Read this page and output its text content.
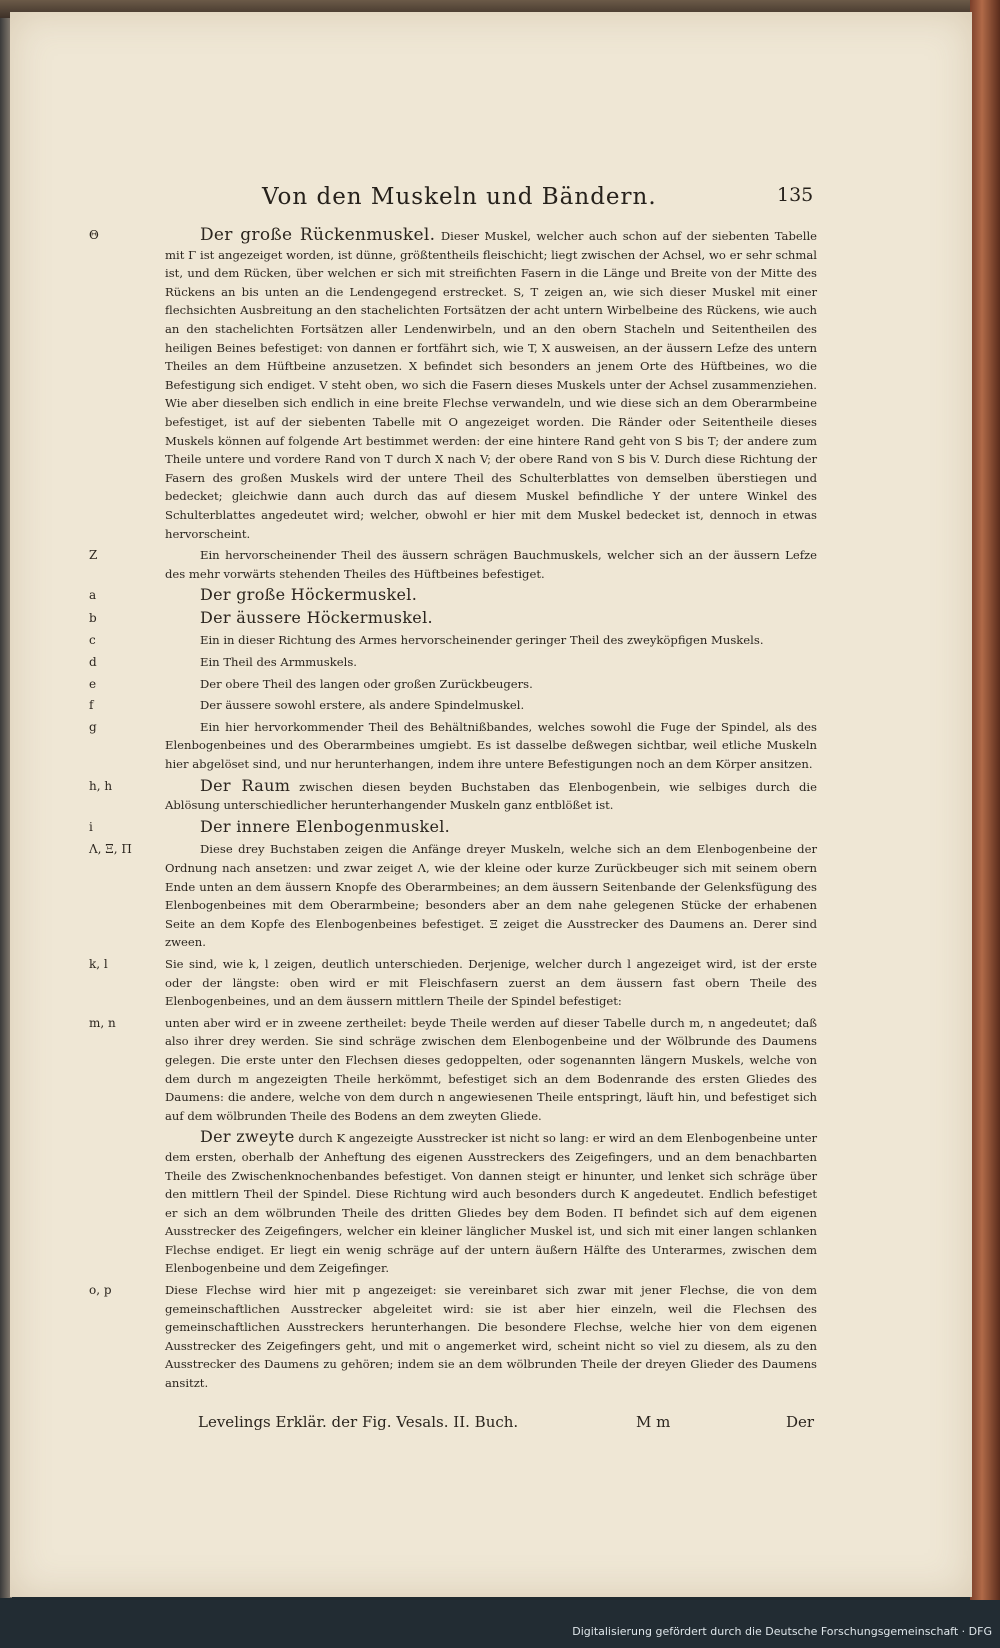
Von den Muskeln und Bändern.	135
Θ	Der große Rückenmuskel. Dieser Muskel, welcher auch schon auf der siebenten Tabelle mit Γ ist angezeiget worden, ist dünne, größtentheils fleischicht; liegt zwischen der Achsel, wo er sehr schmal ist, und dem Rücken, über welchen er sich mit streifichten Fasern in die Länge und Breite von der Mitte des Rückens an bis unten an die Lendengegend erstrecket. S, T zeigen an, wie sich dieser Muskel mit einer flechsichten Ausbreitung an den stachelichten Fortsätzen der acht untern Wirbelbeine des Rückens, wie auch an den stachelichten Fortsätzen aller Lendenwirbeln, und an den obern Stacheln und Seitentheilen des heiligen Beines befestiget: von dannen er fortfährt sich, wie T, X ausweisen, an der äussern Lefze des untern Theiles an dem Hüftbeine anzusetzen. X befindet sich besonders an jenem Orte des Hüftbeines, wo die Befestigung sich endiget. V steht oben, wo sich die Fasern dieses Muskels unter der Achsel zusammenziehen. Wie aber dieselben sich endlich in eine breite Flechse verwandeln, und wie diese sich an dem Oberarmbeine befestiget, ist auf der siebenten Tabelle mit O angezeiget worden. Die Ränder oder Seitentheile dieses Muskels können auf folgende Art bestimmet werden: der eine hintere Rand geht von S bis T; der andere zum Theile untere und vordere Rand von T durch X nach V; der obere Rand von S bis V. Durch diese Richtung der Fasern des großen Muskels wird der untere Theil des Schulterblattes von demselben überstiegen und bedecket; gleichwie dann auch durch das auf diesem Muskel befindliche Y der untere Winkel des Schulterblattes angedeutet wird; welcher, obwohl er hier mit dem Muskel bedecket ist, dennoch in etwas hervorscheint.
Z	Ein hervorscheinender Theil des äussern schrägen Bauchmuskels, welcher sich an der äussern Lefze des mehr vorwärts stehenden Theiles des Hüftbeines befestiget.
a	Der große Höckermuskel.
b	Der äussere Höckermuskel.
c	Ein in dieser Richtung des Armes hervorscheinender geringer Theil des zweyköpfigen Muskels.
d	Ein Theil des Armmuskels.
e	Der obere Theil des langen oder großen Zurückbeugers.
f	Der äussere sowohl erstere, als andere Spindelmuskel.
g	Ein hier hervorkommender Theil des Behältnißbandes, welches sowohl die Fuge der Spindel, als des Elenbogenbeines und des Oberarmbeines umgiebt. Es ist dasselbe deßwegen sichtbar, weil etliche Muskeln hier abgelöset sind, und nur herunterhangen, indem ihre untere Befestigungen noch an dem Körper ansitzen.
h, h	Der Raum zwischen diesen beyden Buchstaben das Elenbogenbein, wie selbiges durch die Ablösung unterschiedlicher herunterhangender Muskeln ganz entblößet ist.
i	Der innere Elenbogenmuskel.
Λ, Ξ, Π	Diese drey Buchstaben zeigen die Anfänge dreyer Muskeln, welche sich an dem Elenbogenbeine der Ordnung nach ansetzen: und zwar zeiget Λ, wie der kleine oder kurze Zurückbeuger sich mit seinem obern Ende unten an dem äussern Knopfe des Oberarmbeines; an dem äussern Seitenbande der Gelenksfügung des Elenbogenbeines mit dem Oberarmbeine; besonders aber an dem nahe gelegenen Stücke der erhabenen Seite an dem Kopfe des Elenbogenbeines befestiget. Ξ zeiget die Ausstrecker des Daumens an. Derer sind zween.
k, l	Sie sind, wie k, l zeigen, deutlich unterschieden. Derjenige, welcher durch l angezeiget wird, ist der erste oder der längste: oben wird er mit Fleischfasern zuerst an dem äussern fast obern Theile des Elenbogenbeines, und an dem äussern mittlern Theile der Spindel befestiget:
m, n	unten aber wird er in zweene zertheilet: beyde Theile werden auf dieser Tabelle durch m, n angedeutet; daß also ihrer drey werden. Sie sind schräge zwischen dem Elenbogenbeine und der Wölbrunde des Daumens gelegen. Die erste unter den Flechsen dieses gedoppelten, oder sogenannten längern Muskels, welche von dem durch m angezeigten Theile herkömmt, befestiget sich an dem Bodenrande des ersten Gliedes des Daumens: die andere, welche von dem durch n angewiesenen Theile entspringt, läuft hin, und befestiget sich auf dem wölbrunden Theile des Bodens an dem zweyten Gliede.
Der zweyte durch K angezeigte Ausstrecker ist nicht so lang: er wird an dem Elenbogenbeine unter dem ersten, oberhalb der Anheftung des eigenen Ausstreckers des Zeigefingers, und an dem benachbarten Theile des Zwischenknochenbandes befestiget. Von dannen steigt er hinunter, und lenket sich schräge über den mittlern Theil der Spindel. Diese Richtung wird auch besonders durch K angedeutet. Endlich befestiget er sich an dem wölbrunden Theile des dritten Gliedes bey dem Boden. Π befindet sich auf dem eigenen Ausstrecker des Zeigefingers, welcher ein kleiner länglicher Muskel ist, und sich mit einer langen schlanken Flechse endiget. Er liegt ein wenig schräge auf der untern äußern Hälfte des Unterarmes, zwischen dem Elenbogenbeine und dem Zeigefinger.
o, p	Diese Flechse wird hier mit p angezeiget: sie vereinbaret sich zwar mit jener Flechse, die von dem gemeinschaftlichen Ausstrecker abgeleitet wird: sie ist aber hier einzeln, weil die Flechsen des gemeinschaftlichen Ausstreckers herunterhangen. Die besondere Flechse, welche hier von dem eigenen Ausstrecker des Zeigefingers geht, und mit o angemerket wird, scheint nicht so viel zu diesem, als zu den Ausstrecker des Daumens zu gehören; indem sie an dem wölbrunden Theile der dreyen Glieder des Daumens ansitzt.
Levelings Erklär. der Fig. Vesals. II. Buch.	M m	Der
Digitalisierung gefördert durch die Deutsche Forschungsgemeinschaft · DFG
